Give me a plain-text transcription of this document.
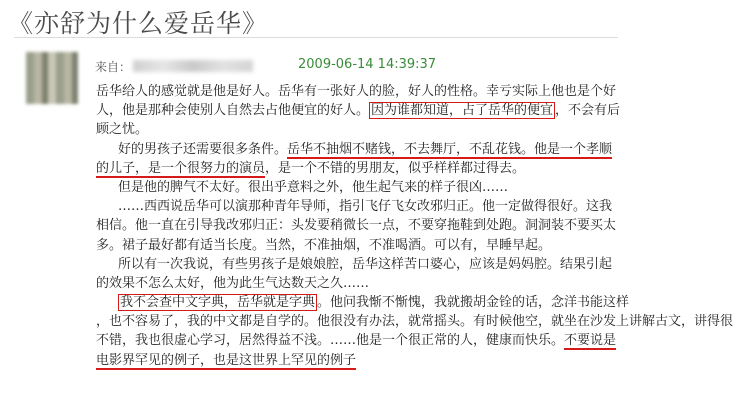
《亦舒为什么爱岳华》
来自：	2009-06-14 14:39:37
岳华给人的感觉就是他是好人。岳华有一张好人的脸，好人的性格。幸亏实际上他也是个好
人，他是那种会使别人自然去占他便宜的好人。 因为谁都知道，占了岳华的便宜 ，不会有后
顾之忧。
好的男孩子还需要很多条件。岳华不抽烟不赌钱，不去舞厅，不乱花钱。他是一个孝顺
的儿子，是一个很努力的演员，是一个不错的男朋友，似乎样样都过得去。
但是他的脾气不太好。很出乎意料之外，他生起气来的样子很凶……
……西西说岳华可以演那种青年导师，指引飞仔飞女改邪归正。他一定做得很好。这我
相信。他一直在引导我改邪归正：头发要稍微长一点，不要穿拖鞋到处跑。洞洞装不要买太
多。裙子最好都有适当长度。当然，不准抽烟，不准喝酒。可以有，早睡早起。
所以有一次我说，有些男孩子是娘娘腔，岳华这样苦口婆心，应该是妈妈腔。结果引起
的效果不怎么太好，他为此生气达数天之久……
我不会查中文字典，岳华就是字典 。他问我惭不惭愧，我就搬胡金铨的话，念洋书能这样
，也不容易了，我的中文都是自学的。他很没有办法，就常摇头。有时候他空，就坐在沙发上讲解古文，讲得很
不错，我也很虚心学习，居然得益不浅。……他是一个很正常的人，健康而快乐。不要说是
电影界罕见的例子，也是这世界上罕见的例子
